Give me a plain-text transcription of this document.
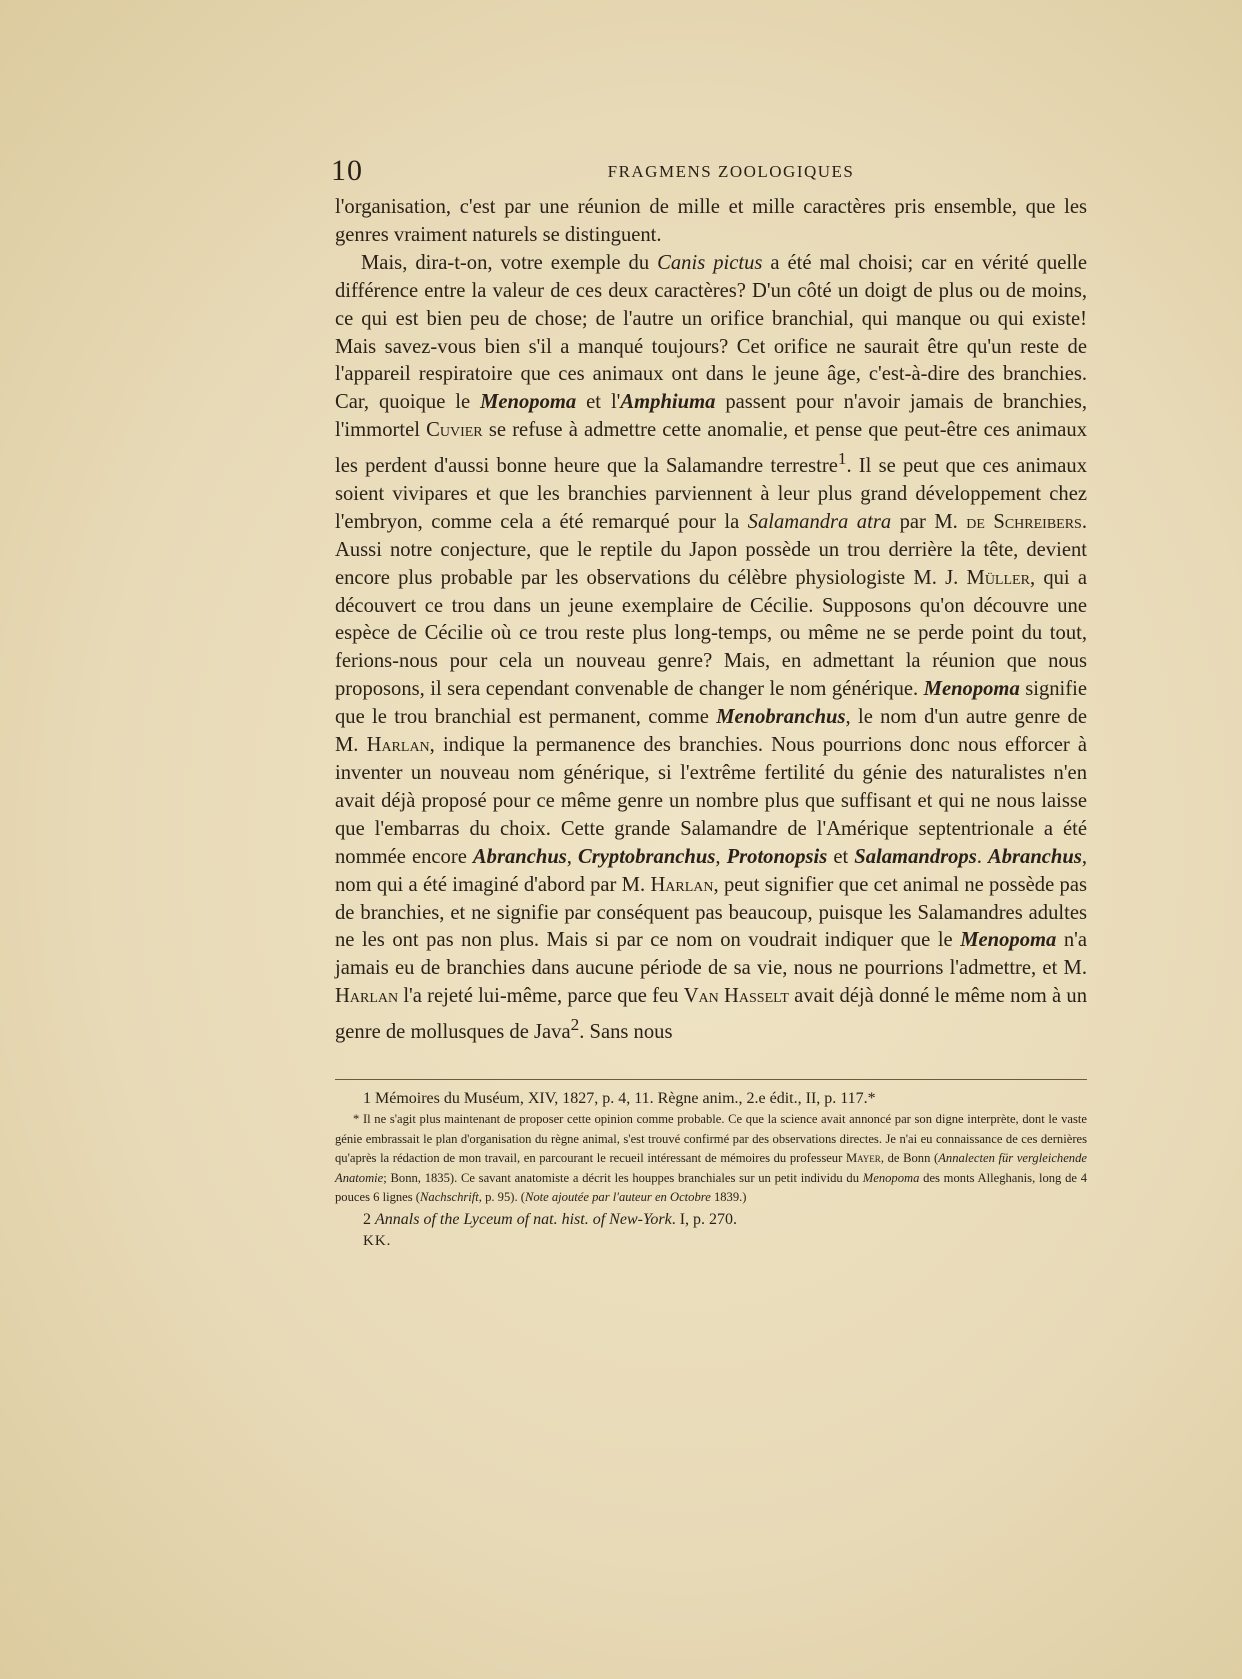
10	FRAGMENS ZOOLOGIQUES

l'organisation, c'est par une réunion de mille et mille caractères pris ensemble, que les genres vraiment naturels se distinguent.

Mais, dira-t-on, votre exemple du Canis pictus a été mal choisi; car en vérité quelle différence entre la valeur de ces deux caractères? D'un côté un doigt de plus ou de moins, ce qui est bien peu de chose; de l'autre un orifice branchial, qui manque ou qui existe! Mais savez-vous bien s'il a manqué toujours? Cet orifice ne saurait être qu'un reste de l'appareil respiratoire que ces animaux ont dans le jeune âge, c'est-à-dire des branchies. Car, quoique le Menopoma et l'Amphiuma passent pour n'avoir jamais de branchies, l'immortel Cuvier se refuse à admettre cette anomalie, et pense que peut-être ces animaux les perdent d'aussi bonne heure que la Salamandre terrestre$^1$. Il se peut que ces animaux soient vivipares et que les branchies parviennent à leur plus grand développement chez l'embryon, comme cela a été remarqué pour la Salamandra atra par M. de Schreibers. Aussi notre conjecture, que le reptile du Japon possède un trou derrière la tête, devient encore plus probable par les observations du célèbre physiologiste M. J. Müller, qui a découvert ce trou dans un jeune exemplaire de Cécilie. Supposons qu'on découvre une espèce de Cécilie où ce trou reste plus long-temps, ou même ne se perde point du tout, ferions-nous pour cela un nouveau genre? Mais, en admettant la réunion que nous proposons, il sera cependant convenable de changer le nom générique. Menopoma signifie que le trou branchial est permanent, comme Menobranchus, le nom d'un autre genre de M. Harlan, indique la permanence des branchies. Nous pourrions donc nous efforcer à inventer un nouveau nom générique, si l'extrême fertilité du génie des naturalistes n'en avait déjà proposé pour ce même genre un nombre plus que suffisant et qui ne nous laisse que l'embarras du choix. Cette grande Salamandre de l'Amérique septentrionale a été nommée encore Abranchus, Cryptobranchus, Protonopsis et Salamandrops. Abranchus, nom qui a été imaginé d'abord par M. Harlan, peut signifier que cet animal ne possède pas de branchies, et ne signifie par conséquent pas beaucoup, puisque les Salamandres adultes ne les ont pas non plus. Mais si par ce nom on voudrait indiquer que le Menopoma n'a jamais eu de branchies dans aucune période de sa vie, nous ne pourrions l'admettre, et M. Harlan l'a rejeté lui-même, parce que feu Van Hasselt avait déjà donné le même nom à un genre de mollusques de Java$^2$. Sans nous

1 Mémoires du Muséum, XIV, 1827, p. 4, 11. Règne anim., 2.e édit., II, p. 117.*

* Il ne s'agit plus maintenant de proposer cette opinion comme probable. Ce que la science avait annoncé par son digne interprète, dont le vaste génie embrassait le plan d'organisation du règne animal, s'est trouvé confirmé par des observations directes. Je n'ai eu connaissance de ces dernières qu'après la rédaction de mon travail, en parcourant le recueil intéressant de mémoires du professeur Mayer, de Bonn (Annalecten für vergleichende Anatomie; Bonn, 1835). Ce savant anatomiste a décrit les houppes branchiales sur un petit individu du Menopoma des monts Alleghanis, long de 4 pouces 6 lignes (Nachschrift, p. 95). (Note ajoutée par l'auteur en Octobre 1839.)

2 Annals of the Lyceum of nat. hist. of New-York. I, p. 270.

KK.
